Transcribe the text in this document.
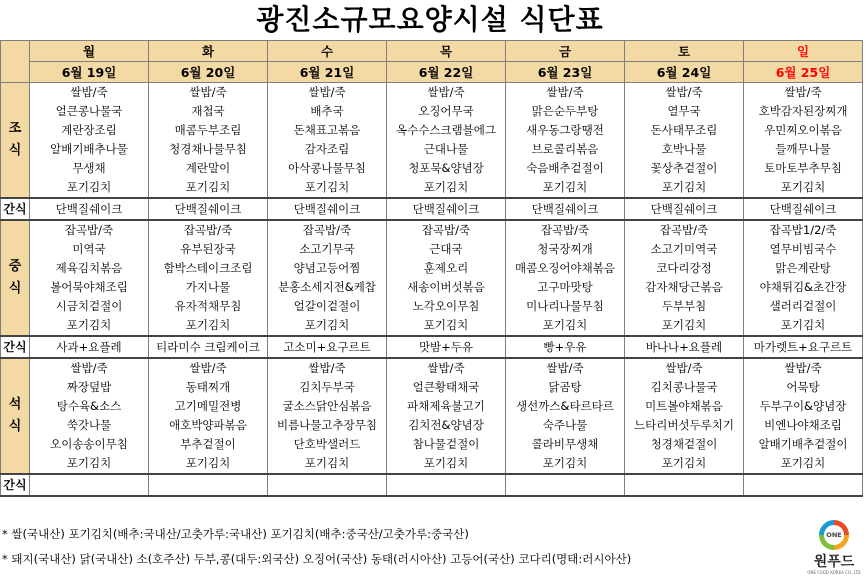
광진소규모요양시설 식단표
	월	화	수	목	금	토	일
	6월 19일	6월 20일	6월 21일	6월 22일	6월 23일	6월 24일	6월 25일
조식	쌀밥/죽	쌀밥/죽	쌀밥/죽	쌀밥/죽	쌀밥/죽	쌀밥/죽	쌀밥/죽
	얼큰콩나물국	재첩국	배추국	오징어무국	맑은순두부탕	열무국	호박감자된장찌개
	계란장조림	매콤두부조림	돈채표고볶음	옥수수스크램블에그	새우동그랑땡전	돈사태무조림	우민찌오이볶음
	알배기배추나물	청경채나물무침	감자조림	근대나물	브로콜리볶음	호박나물	들깨무나물
	무생채	계란말이	아삭콩나물무침	청포묵&양념장	숙음배추겉절이	꽃상추겉절이	토마토부추무침
	포기김치	포기김치	포기김치	포기김치	포기김치	포기김치	포기김치
간식	단백질쉐이크	단백질쉐이크	단백질쉐이크	단백질쉐이크	단백질쉐이크	단백질쉐이크	단백질쉐이크
중식	잡곡밥/죽	잡곡밥/죽	잡곡밥/죽	잡곡밥/죽	잡곡밥/죽	잡곡밥/죽	잡곡밥1/2/죽
	미역국	유부된장국	소고기무국	근대국	청국장찌개	소고기미역국	열무비빔국수
	제육김치볶음	함박스테이크조림	양념고등어찜	훈제오리	매콤오징어야채볶음	코다리강정	맑은계란탕
	볼어묵야채조림	가지나물	분홍소세지전&케찹	새송이버섯볶음	고구마맛탕	감자채당근볶음	야채튀김&초간장
	시금치겉절이	유자적채무침	얼갈이겉절이	노각오이무침	미나리나물무침	두부부침	샐러리겉절이
	포기김치	포기김치	포기김치	포기김치	포기김치	포기김치	포기김치
간식	사과+요플레	티라미수 크림케이크	고소미+요구르트	맛밤+두유	빵+우유	바나나+요플레	마가렛트+요구르트
석식	쌀밥/죽	쌀밥/죽	쌀밥/죽	쌀밥/죽	쌀밥/죽	쌀밥/죽	쌀밥/죽
	짜장덮밥	동태찌개	김치두부국	얼큰황태채국	닭곰탕	김치콩나물국	어묵탕
	탕수육&소스	고기메밀전병	굴소스닭안심볶음	파채제육불고기	생선까스&타르타르	미트볼야채볶음	두부구이&양념장
	쑥갓나물	애호박양파볶음	비름나물고추장무침	김치전&양념장	숙주나물	느타리버섯두루치기	비엔나야채조림
	오이송송이무침	부추겉절이	단호박샐러드	참나물겉절이	콜라비무생채	청경채겉절이	알배기배추겉절이
	포기김치	포기김치	포기김치	포기김치	포기김치	포기김치	포기김치
간식							
* 쌀(국내산) 포기김치(배추:국내산/고춧가루:국내산) 포기김치(배추:중국산/고춧가루:중국산)
* 돼지(국내산) 닭(국내산) 소(호주산) 두부,콩(대두:외국산) 오징어(국산) 동태(러시아산) 고등어(국산) 코다리(명태:러시아산)
ONE
원푸드
ONE FOOD KOREA CO.,LTD
